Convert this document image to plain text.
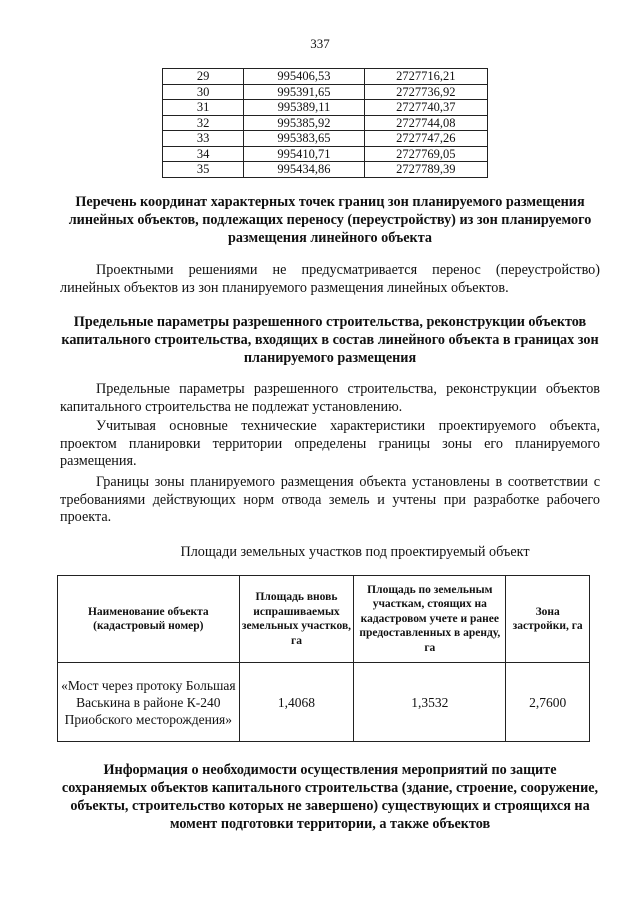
337
29	995406,53	2727716,21
30	995391,65	2727736,92
31	995389,11	2727740,37
32	995385,92	2727744,08
33	995383,65	2727747,26
34	995410,71	2727769,05
35	995434,86	2727789,39
Перечень координат характерных точек границ зон планируемого размещения линейных объектов, подлежащих переносу (переустройству) из зон планируемого размещения линейного объекта
Проектными решениями не предусматривается перенос (переустройство) линейных объектов из зон планируемого размещения линейных объектов.
Предельные параметры разрешенного строительства, реконструкции объектов капитального строительства, входящих в состав линейного объекта в границах зон планируемого размещения
Предельные параметры разрешенного строительства, реконструкции объектов капитального строительства не подлежат установлению.
Учитывая основные технические характеристики проектируемого объекта, проектом планировки территории определены границы зоны его планируемого размещения.
Границы зоны планируемого размещения объекта установлены в соответствии с требованиями действующих норм отвода земель и учтены при разработке рабочего проекта.
Площади земельных участков под проектируемый объект
Наименование объекта (кадастровый номер)	Площадь вновь испрашиваемых земельных участков, га	Площадь по земельным участкам, стоящих на кадастровом учете и ранее предоставленных в аренду, га	Зона застройки, га
«Мост через протоку Большая Васькина в районе К-240 Приобского месторождения»	1,4068	1,3532	2,7600
Информация о необходимости осуществления мероприятий по защите сохраняемых объектов капитального строительства (здание, строение, сооружение, объекты, строительство которых не завершено) существующих и строящихся на момент подготовки территории, а также объектов
